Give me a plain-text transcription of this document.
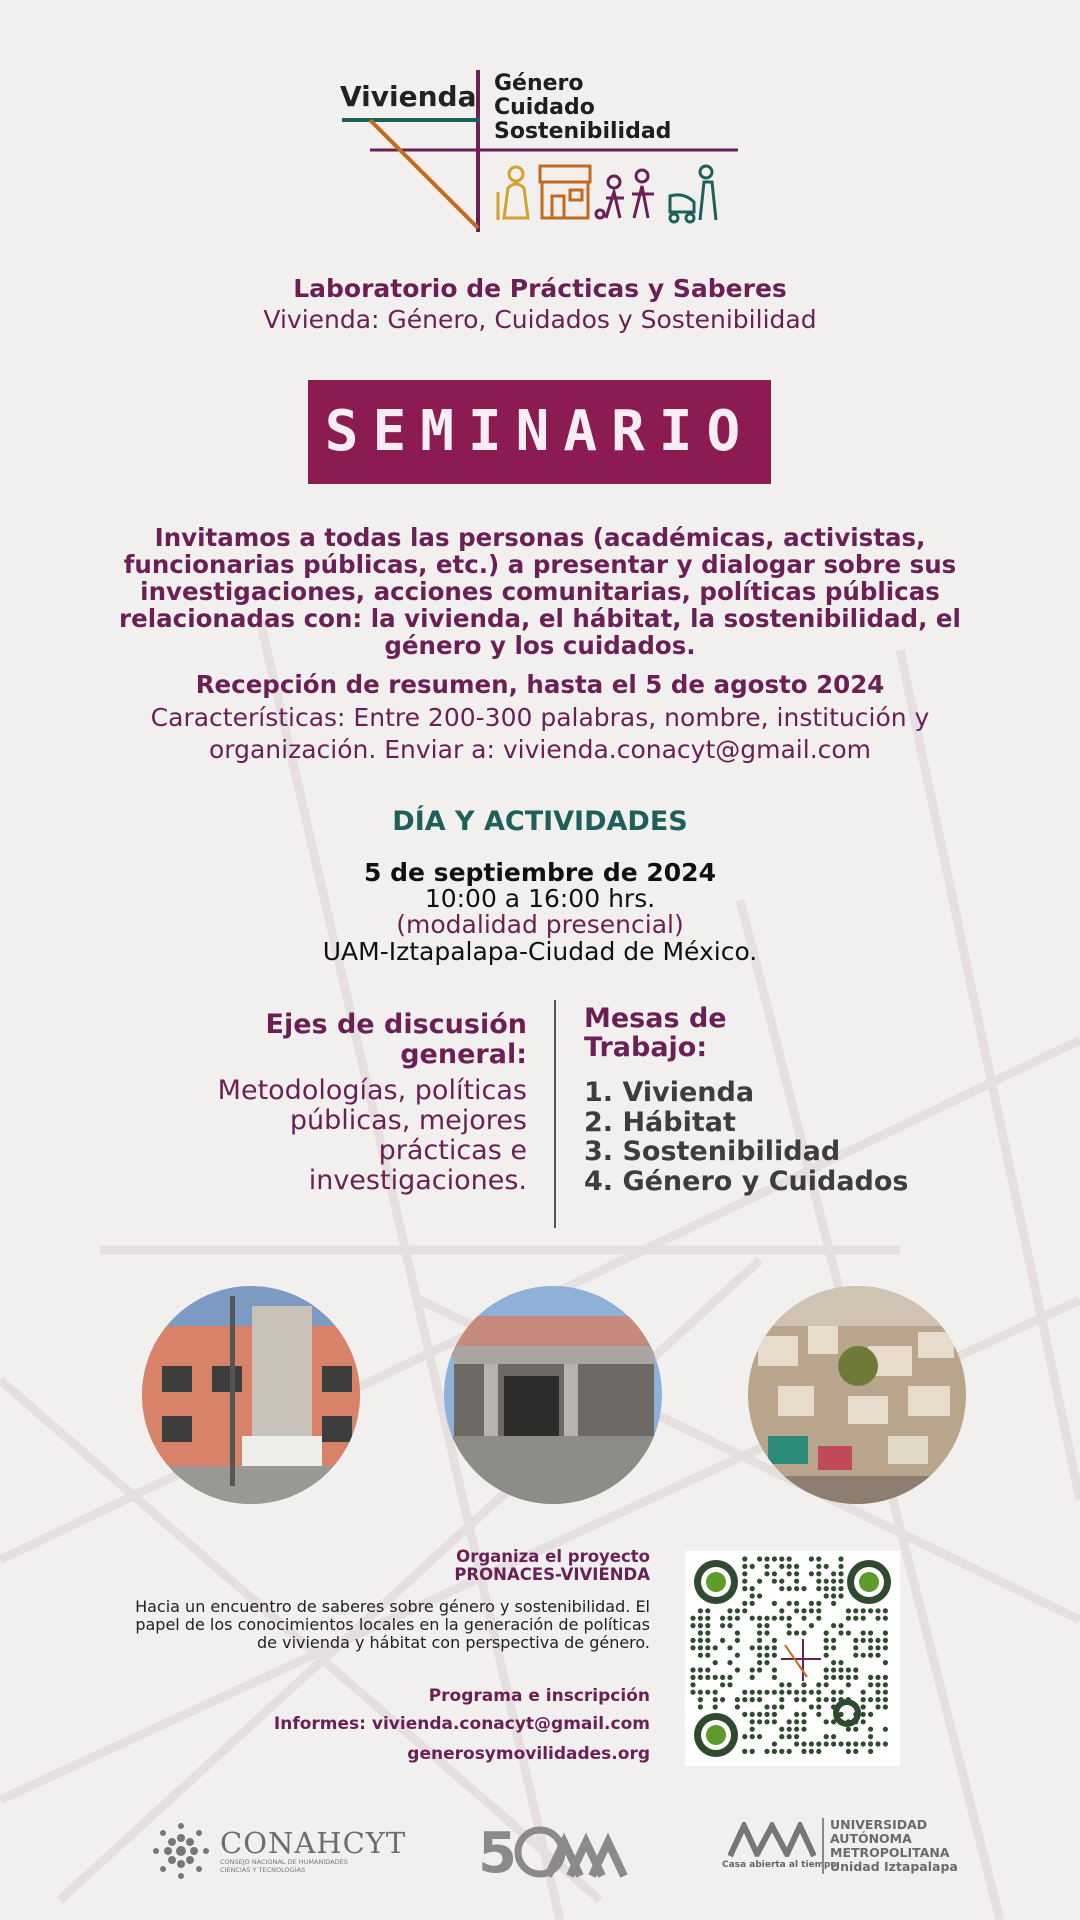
Vivienda Género
Cuidado
Sostenibilidad
Laboratorio de Prácticas y Saberes
Vivienda: Género, Cuidados y Sostenibilidad
SEMINARIO
Invitamos a todas las personas (académicas, activistas, funcionarias públicas, etc.) a presentar y dialogar sobre sus investigaciones, acciones comunitarias, políticas públicas relacionadas con: la vivienda, el hábitat, la sostenibilidad, el género y los cuidados.
Recepción de resumen, hasta el 5 de agosto 2024
Características: Entre 200-300 palabras, nombre, institución y organización. Enviar a: vivienda.conacyt@gmail.com
DÍA Y ACTIVIDADES
5 de septiembre de 2024
10:00 a 16:00 hrs.
(modalidad presencial)
UAM-Iztapalapa-Ciudad de México.
Ejes de discusión general:
Metodologías, políticas públicas, mejores prácticas e investigaciones.
Mesas de Trabajo:
1. Vivienda
2. Hábitat
3. Sostenibilidad
4. Género y Cuidados
Organiza el proyecto
PRONACES-VIVIENDA
Hacia un encuentro de saberes sobre género y sostenibilidad. El papel de los conocimientos locales en la generación de políticas de vivienda y hábitat con perspectiva de género.
Programa e inscripción
Informes: vivienda.conacyt@gmail.com
generosymovilidades.org
CONAHCYT
CONSEJO NACIONAL DE HUMANIDADES CIENCIAS Y TECNOLOGÍAS	5	Casa abierta al tiempo
UNIVERSIDAD
AUTÓNOMA
METROPOLITANA
Unidad Iztapalapa
